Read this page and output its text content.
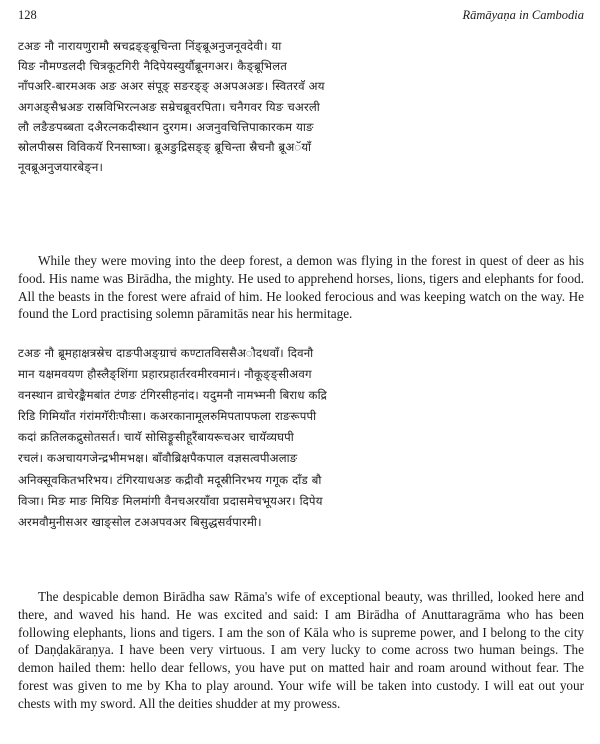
128	Rāmāyaṇa in Cambodia
टअङ नौ नारायणुरामौ स्रचद्रङ्ङ्बूचिन्ता निंङ्ब्रूअनुजनूवदेवी। या
यिङ नौमण्डलदी चित्रकूटगिरी नैदिपेयस्युर्यौब्रूनगअर। कैङ्ब्रूभिलत
नाँपअरि-बारमअक अङ अअर संपूङ् सङरङ्ङ् अअपअअङ। स्वितरवॅ अय
अगअङ्सैभ्रअङ रास्रविभिरत्नअङ सम्रेचब्रूवरपिता। चनैगवर यिङ चअरली
लौ लङैङपब्बता दअैरत्नकदीस्थान दुरगम। अजनुवचित्तिपाकारकम याङ
स्रोलपीस्रस विविकयॅ रिनसाष्त्रा। ब्रूअङुद्रिसङ्ङ् ब्रूचिन्ता स्रैचनौ ब्रूअॅयाँ
नूवब्रूअनुजयारबेङ्न।

While they were moving into the deep forest, a demon was flying in the forest in quest of deer as his food. His name was Birādha, the mighty. He used to apprehend horses, lions, tigers and elephants for food. All the beasts in the forest were afraid of him. He looked ferocious and was keeping watch on the way. He found the Lord practising solemn pāramitās near his hermitage.

टअङ नौ ब्रूमहाक्षत्रस्रेच दाङपीअङ्ग्राचं कण्टातविससैअौदधवाँ। दिवनौ
मान यक्षमवयण हौस्लैङ्शिंगा प्रहारप्रहार्तरवमीरवमानं। नौकूङ्ङ्सीअवग
वनस्थान व्राचेरङ्कैमबांत टंणङ टंगिरसीहनांद। यदुमनौ नामभ्मनी बिराध कद्रि
रिडि गिमियाँत गंरांमगॅरीःपौःसा। कअरकानामूलरुमिपतापफला राङरूपपी
कदां क्रतिलकद्रुसोतसर्त। चायॅ सोसिङ्रूसीहूरैंबायरूचअर चायॅव्यघपी
रचलं। कअचायगजेन्द्रभीमभक्ष। बाँवौब्रिक्षपैकपाल वज्ञसत्वपीअलाङ
अनिक्सूवकितभरिभय। टंगिरयाधअङ कद्रीवौ मदूस्रीनिरभय गगूक दाँड बौ
विञा। मिङ माङ मियिङ मिलमांगी वैनचअरयाँवा प्रदासमेचभूयअर। दिपेय
अरमवौमुनीसअर खाङ्सोल टअअपवअर बिसुद्धसर्वपारमी।

The despicable demon Birādha saw Rāma's wife of exceptional beauty, was thrilled, looked here and there, and waved his hand. He was excited and said: I am Birādha of Anuttaragrāma who has been following elephants, lions and tigers. I am the son of Kāla who is supreme power, and I belong to the city of Daṇḍakāraṇya. I have been very virtuous. I am very lucky to come across two human beings. The demon hailed them: hello dear fellows, you have put on matted hair and roam around without fear. The forest was given to me by Kha to play around. Your wife will be taken into custody. I will eat out your chests with my sword. All the deities shudder at my prowess.
